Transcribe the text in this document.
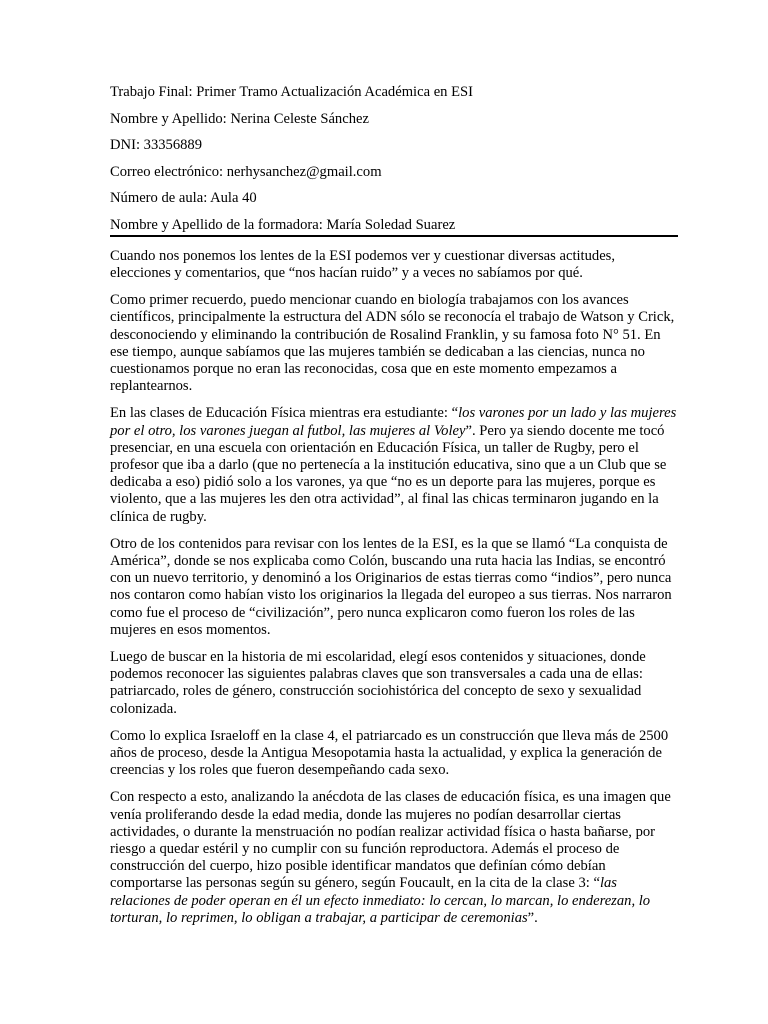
Trabajo Final: Primer Tramo Actualización Académica en ESI
Nombre y Apellido: Nerina Celeste Sánchez
DNI: 33356889
Correo electrónico: nerhysanchez@gmail.com
Número de aula: Aula 40
Nombre y Apellido de la formadora: María Soledad Suarez

Cuando nos ponemos los lentes de la ESI podemos ver y cuestionar diversas actitudes, elecciones y comentarios, que “nos hacían ruido” y a veces no sabíamos por qué.

Como primer recuerdo, puedo mencionar cuando en biología trabajamos con los avances científicos, principalmente la estructura del ADN sólo se reconocía el trabajo de Watson y Crick, desconociendo y eliminando la contribución de Rosalind Franklin, y su famosa foto N° 51. En ese tiempo, aunque sabíamos que las mujeres también se dedicaban a las ciencias, nunca no cuestionamos porque no eran las reconocidas, cosa que en este momento empezamos a replantearnos.

En las clases de Educación Física mientras era estudiante: “los varones por un lado y las mujeres por el otro, los varones juegan al futbol, las mujeres al Voley”. Pero ya siendo docente me tocó presenciar, en una escuela con orientación en Educación Física, un taller de Rugby, pero el profesor que iba a darlo (que no pertenecía a la institución educativa, sino que a un Club que se dedicaba a eso) pidió solo a los varones, ya que “no es un deporte para las mujeres, porque es violento, que a las mujeres les den otra actividad”, al final las chicas terminaron jugando en la clínica de rugby.

Otro de los contenidos para revisar con los lentes de la ESI, es la que se llamó “La conquista de América”, donde se nos explicaba como Colón, buscando una ruta hacia las Indias, se encontró con un nuevo territorio, y denominó a los Originarios de estas tierras como “indios”, pero nunca nos contaron como habían visto los originarios la llegada del europeo a sus tierras. Nos narraron como fue el proceso de “civilización”, pero nunca explicaron como fueron los roles de las mujeres en esos momentos.

Luego de buscar en la historia de mi escolaridad, elegí esos contenidos y situaciones, donde podemos reconocer las siguientes palabras claves que son transversales a cada una de ellas: patriarcado, roles de género, construcción sociohistórica del concepto de sexo y sexualidad colonizada.

Como lo explica Israeloff en la clase 4, el patriarcado es un construcción que lleva más de 2500 años de proceso, desde la Antigua Mesopotamia hasta la actualidad, y explica la generación de creencias y los roles que fueron desempeñando cada sexo.

Con respecto a esto, analizando la anécdota de las clases de educación física, es una imagen que venía proliferando desde la edad media, donde las mujeres no podían desarrollar ciertas actividades, o durante la menstruación no podían realizar actividad física o hasta bañarse, por riesgo a quedar estéril y no cumplir con su función reproductora. Además el proceso de construcción del cuerpo, hizo posible identificar mandatos que definían cómo debían comportarse las personas según su género, según Foucault, en la cita de la clase 3: “las relaciones de poder operan en él un efecto inmediato: lo cercan, lo marcan, lo enderezan, lo torturan, lo reprimen, lo obligan a trabajar, a participar de ceremonias”.
